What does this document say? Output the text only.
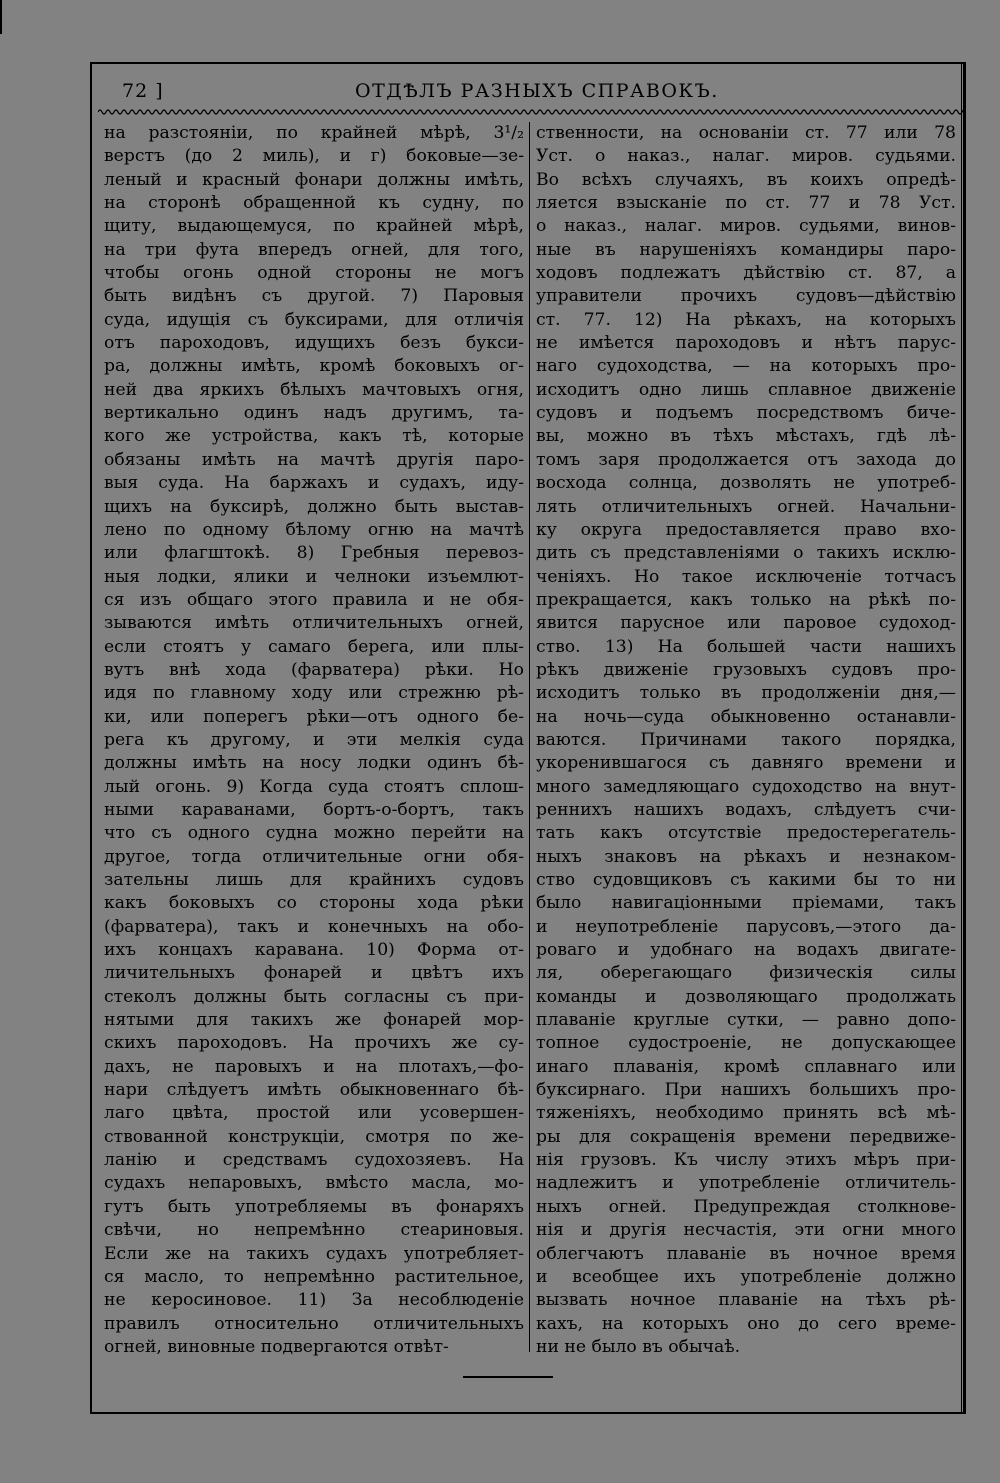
72 ]	ОТДѢЛЪ РАЗНЫХЪ СПРАВОКЪ.
на разстояніи, по крайней мѣрѣ, 3¹/₂
верстъ (до 2 миль), и г) боковые—зе-
леный и красный фонари должны имѣть,
на сторонѣ обращенной къ судну, по
щиту, выдающемуся, по крайней мѣрѣ,
на три фута впередъ огней, для того,
чтобы огонь одной стороны не могъ
быть видѣнъ съ другой. 7) Паровыя
суда, идущія съ буксирами, для отличія
отъ пароходовъ, идущихъ безъ букси-
ра, должны имѣть, кромѣ боковыхъ ог-
ней два яркихъ бѣлыхъ мачтовыхъ огня,
вертикально одинъ надъ другимъ, та-
кого же устройства, какъ тѣ, которые
обязаны имѣть на мачтѣ другія паро-
выя суда. На баржахъ и судахъ, иду-
щихъ на буксирѣ, должно быть выстав-
лено по одному бѣлому огню на мачтѣ
или флагштокѣ. 8) Гребныя перевоз-
ныя лодки, ялики и челноки изъемлют-
ся изъ общаго этого правила и не обя-
зываются имѣть отличительныхъ огней,
если стоятъ у самаго берега, или плы-
вутъ внѣ хода (фарватера) рѣки. Но
идя по главному ходу или стрежню рѣ-
ки, или поперегъ рѣки—отъ одного бе-
рега къ другому, и эти мелкія суда
должны имѣть на носу лодки одинъ бѣ-
лый огонь. 9) Когда суда стоятъ сплош-
ными караванами, бортъ-о-бортъ, такъ
что съ одного судна можно перейти на
другое, тогда отличительные огни обя-
зательны лишь для крайнихъ судовъ
какъ боковыхъ со стороны хода рѣки
(фарватера), такъ и конечныхъ на обо-
ихъ концахъ каравана. 10) Форма от-
личительныхъ фонарей и цвѣтъ ихъ
стеколъ должны быть согласны съ при-
нятыми для такихъ же фонарей мор-
скихъ пароходовъ. На прочихъ же су-
дахъ, не паровыхъ и на плотахъ,—фо-
нари слѣдуетъ имѣть обыкновеннаго бѣ-
лаго цвѣта, простой или усовершен-
ствованной конструкціи, смотря по же-
ланію и средствамъ судохозяевъ. На
судахъ непаровыхъ, вмѣсто масла, мо-
гутъ быть употребляемы въ фонаряхъ
свѣчи, но непремѣнно стеариновыя.
Если же на такихъ судахъ употребляет-
ся масло, то непремѣнно растительное,
не керосиновое. 11) За несоблюденіе
правилъ относительно отличительныхъ
огней, виновные подвергаются отвѣт-
ственности, на основаніи ст. 77 или 78
Уст. о наказ., налаг. миров. судьями.
Во всѣхъ случаяхъ, въ коихъ опредѣ-
ляется взысканіе по ст. 77 и 78 Уст.
о наказ., налаг. миров. судьями, винов-
ные въ нарушеніяхъ командиры паро-
ходовъ подлежатъ дѣйствію ст. 87, а
управители прочихъ судовъ—дѣйствію
ст. 77. 12) На рѣкахъ, на которыхъ
не имѣется пароходовъ и нѣтъ парус-
наго судоходства, — на которыхъ про-
исходитъ одно лишь сплавное движеніе
судовъ и подъемъ посредствомъ биче-
вы, можно въ тѣхъ мѣстахъ, гдѣ лѣ-
томъ заря продолжается отъ захода до
восхода солнца, дозволять не употреб-
лять отличительныхъ огней. Начальни-
ку округа предоставляется право вхо-
дить съ представленіями о такихъ исклю-
ченіяхъ. Но такое исключеніе тотчасъ
прекращается, какъ только на рѣкѣ по-
явится парусное или паровое судоход-
ство. 13) На большей части нашихъ
рѣкъ движеніе грузовыхъ судовъ про-
исходитъ только въ продолженіи дня,—
на ночь—суда обыкновенно останавли-
ваются. Причинами такого порядка,
укоренившагося съ давняго времени и
много замедляющаго судоходство на внут-
реннихъ нашихъ водахъ, слѣдуетъ счи-
тать какъ отсутствіе предостерегатель-
ныхъ знаковъ на рѣкахъ и незнаком-
ство судовщиковъ съ какими бы то ни
было навигаціонными пріемами, такъ
и неупотребленіе парусовъ,—этого да-
роваго и удобнаго на водахъ двигате-
ля, оберегающаго физическія силы
команды и дозволяющаго продолжать
плаваніе круглые сутки, — равно допо-
топное судостроеніе, не допускающее
инаго плаванія, кромѣ сплавнаго или
буксирнаго. При нашихъ большихъ про-
тяженіяхъ, необходимо принять всѣ мѣ-
ры для сокращенія времени передвиже-
нія грузовъ. Къ числу этихъ мѣръ при-
надлежитъ и употребленіе отличитель-
ныхъ огней. Предупреждая столкнове-
нія и другія несчастія, эти огни много
облегчаютъ плаваніе въ ночное время
и всеобщее ихъ употребленіе должно
вызвать ночное плаваніе на тѣхъ рѣ-
кахъ, на которыхъ оно до сего време-
ни не было въ обычаѣ.
